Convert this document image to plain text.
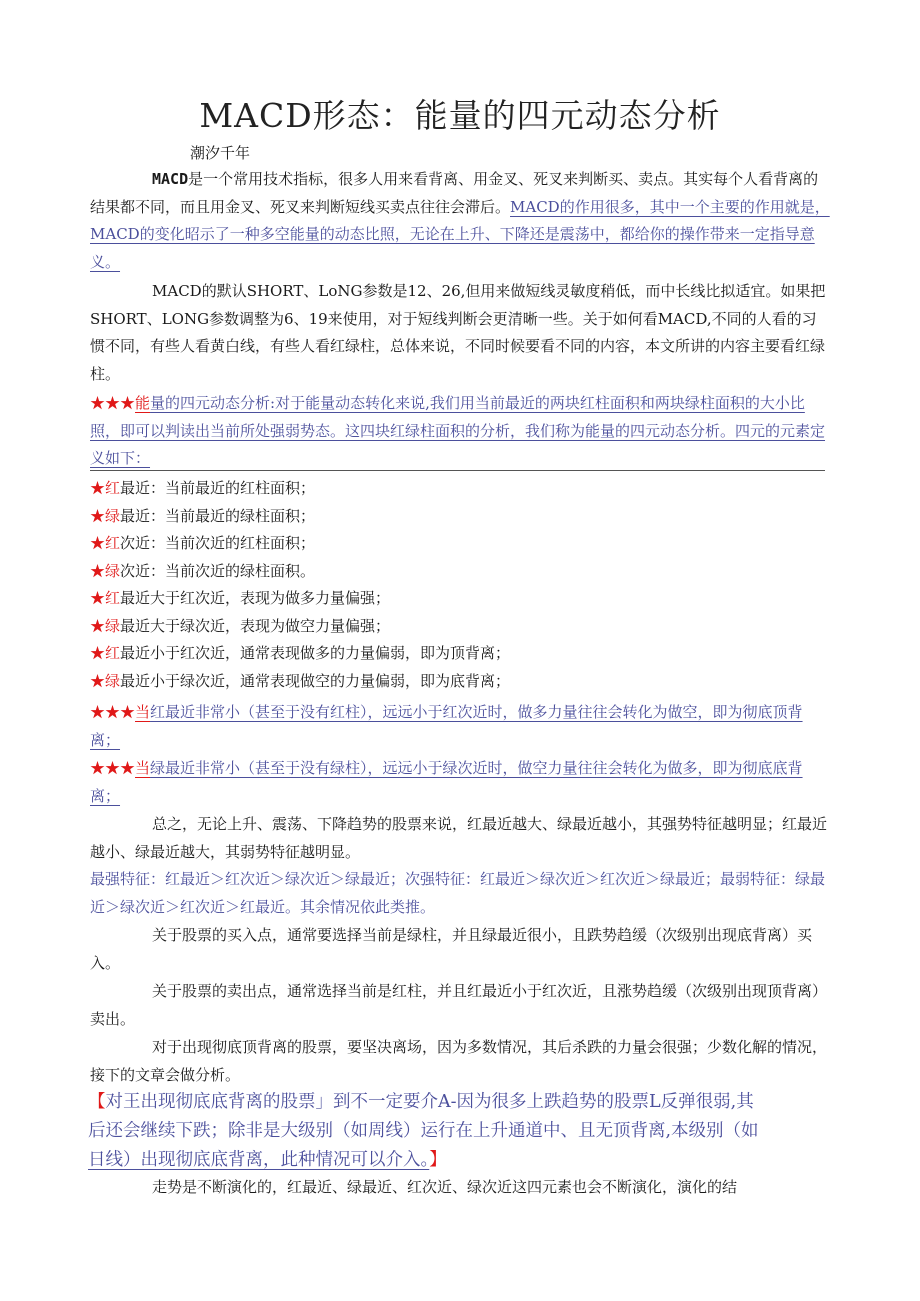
MACD形态：能量的四元动态分析
潮汐千年

MACD是一个常用技术指标，很多人用来看背离、用金叉、死叉来判断买、卖点。其实每个人看背离的结果都不同，而且用金叉、死叉来判断短线买卖点往往会滞后。MACD的作用很多，其中一个主要的作用就是，MACD的变化昭示了一种多空能量的动态比照，无论在上升、下降还是震荡中，都给你的操作带来一定指导意义。

MACD的默认SHORT、LoNG参数是12、26,但用来做短线灵敏度稍低，而中长线比拟适宜。如果把SHORT、LONG参数调整为6、19来使用，对于短线判断会更清晰一些。关于如何看MACD,不同的人看的习惯不同，有些人看黄白线，有些人看红绿柱，总体来说，不同时候要看不同的内容，本文所讲的内容主要看红绿柱。

★★★能量的四元动态分析:对于能量动态转化来说,我们用当前最近的两块红柱面积和两块绿柱面积的大小比照，即可以判读出当前所处强弱势态。这四块红绿柱面积的分析，我们称为能量的四元动态分析。四元的元素定义如下：

★红最近：当前最近的红柱面积；

★绿最近：当前最近的绿柱面积；

★红次近：当前次近的红柱面积；

★绿次近：当前次近的绿柱面积。

★红最近大于红次近，表现为做多力量偏强；

★绿最近大于绿次近，表现为做空力量偏强；

★红最近小于红次近，通常表现做多的力量偏弱，即为顶背离；

★绿最近小于绿次近，通常表现做空的力量偏弱，即为底背离；

★★★当红最近非常小（甚至于没有红柱），远远小于红次近时，做多力量往往会转化为做空，即为彻底顶背离；

★★★当绿最近非常小（甚至于没有绿柱），远远小于绿次近时，做空力量往往会转化为做多，即为彻底底背离；

总之，无论上升、震荡、下降趋势的股票来说，红最近越大、绿最近越小，其强势特征越明显；红最近越小、绿最近越大，其弱势特征越明显。

最强特征：红最近＞红次近＞绿次近＞绿最近；次强特征：红最近＞绿次近＞红次近＞绿最近；最弱特征：绿最近＞绿次近＞红次近＞红最近。其余情况依此类推。

关于股票的买入点，通常要选择当前是绿柱，并且绿最近很小，且跌势趋缓（次级别出现底背离）买入。

关于股票的卖出点，通常选择当前是红柱，并且红最近小于红次近，且涨势趋缓（次级别出现顶背离）卖出。

对于出现彻底顶背离的股票，要坚决离场，因为多数情况，其后杀跌的力量会很强；少数化解的情况，接下的文章会做分析。

【对王出现彻底底背离的股票」到不一定要介A-因为很多上跌趋势的股票L反弹很弱,其

后还会继续下跌；除非是大级别（如周线）运行在上升通道中、且无顶背离,本级别（如

日线）出现彻底底背离，此种情况可以介入。】

走势是不断演化的，红最近、绿最近、红次近、绿次近这四元素也会不断演化，演化的结
